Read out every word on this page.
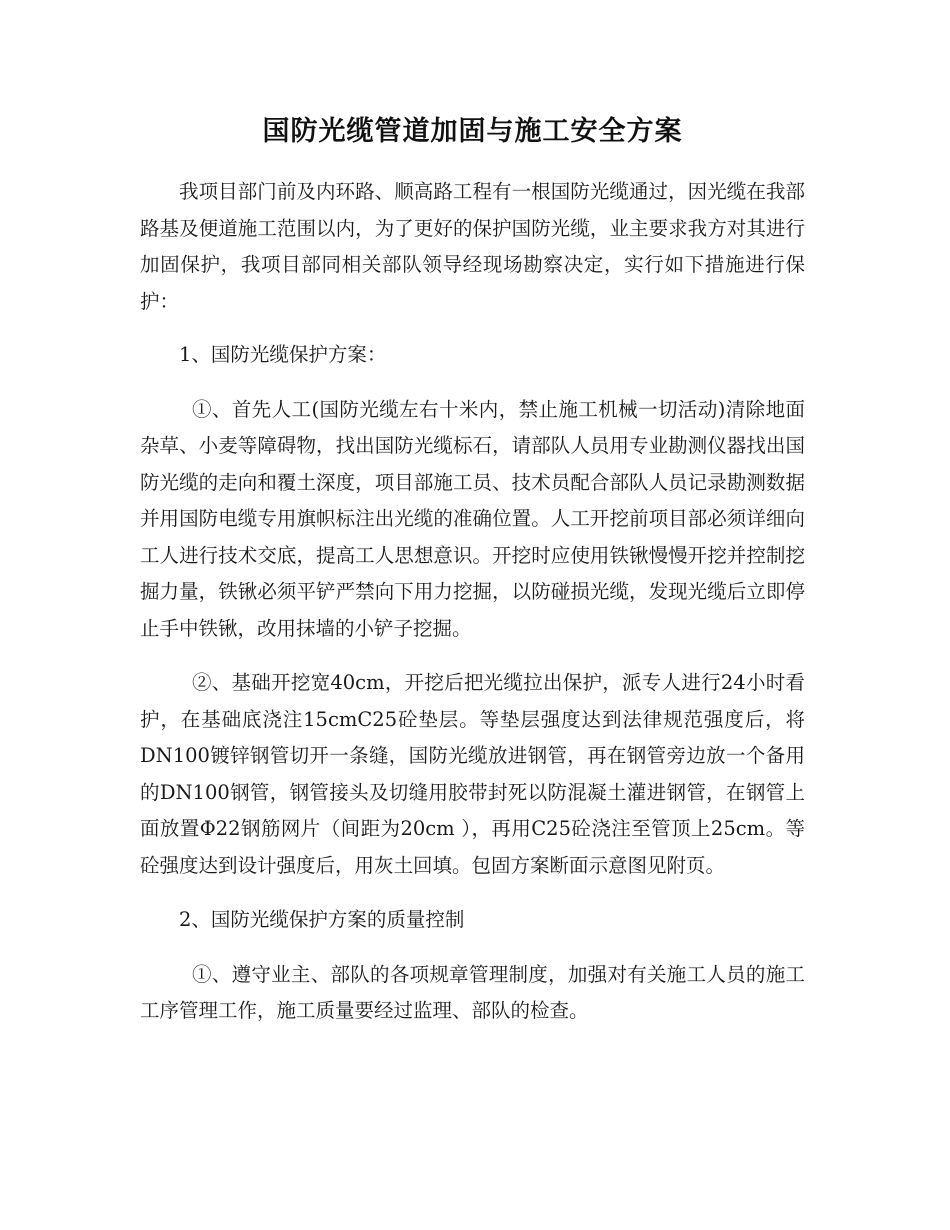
国防光缆管道加固与施工安全方案

我项目部门前及内环路、顺高路工程有一根国防光缆通过，因光缆在我部路基及便道施工范围以内，为了更好的保护国防光缆，业主要求我方对其进行加固保护，我项目部同相关部队领导经现场勘察决定，实行如下措施进行保护：

1、国防光缆保护方案：

①、首先人工(国防光缆左右十米内，禁止施工机械一切活动)清除地面杂草、小麦等障碍物，找出国防光缆标石，请部队人员用专业勘测仪器找出国防光缆的走向和覆土深度，项目部施工员、技术员配合部队人员记录勘测数据并用国防电缆专用旗帜标注出光缆的准确位置。人工开挖前项目部必须详细向工人进行技术交底，提高工人思想意识。开挖时应使用铁锹慢慢开挖并控制挖掘力量，铁锹必须平铲严禁向下用力挖掘，以防碰损光缆，发现光缆后立即停止手中铁锹，改用抹墙的小铲子挖掘。

②、基础开挖宽40cm，开挖后把光缆拉出保护，派专人进行24小时看护，在基础底浇注15cmC25砼垫层。等垫层强度达到法律规范强度后，将DN100镀锌钢管切开一条缝，国防光缆放进钢管，再在钢管旁边放一个备用的DN100钢管，钢管接头及切缝用胶带封死以防混凝土灌进钢管，在钢管上面放置Φ22钢筋网片（间距为20cm ），再用C25砼浇注至管顶上25cm。等砼强度达到设计强度后，用灰土回填。包固方案断面示意图见附页。

2、国防光缆保护方案的质量控制

①、遵守业主、部队的各项规章管理制度，加强对有关施工人员的施工工序管理工作，施工质量要经过监理、部队的检查。
